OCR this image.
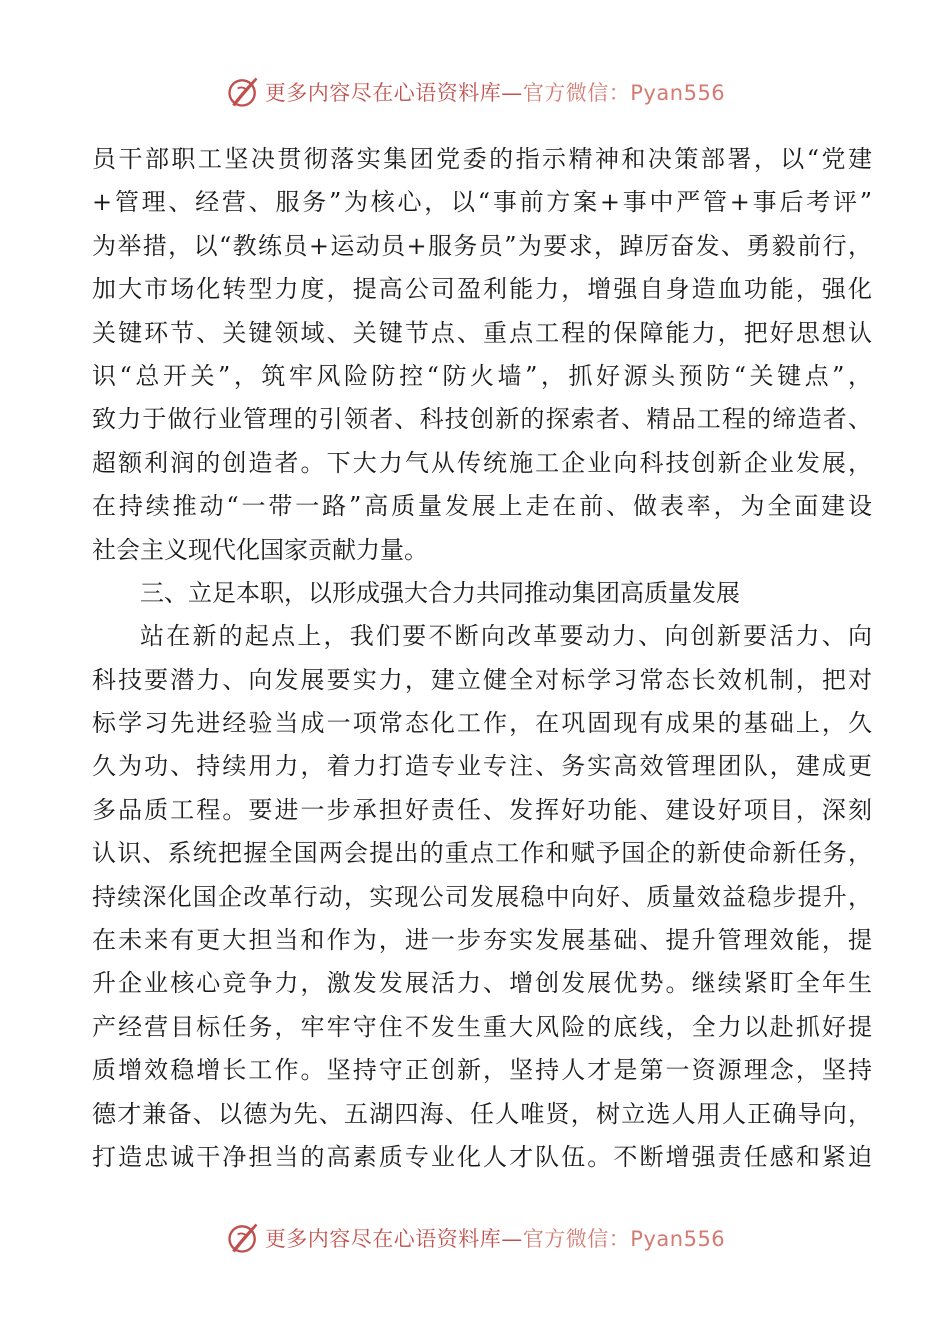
更多内容尽在心语资料库—官方微信：Pyan556
员干部职工坚决贯彻落实集团党委的指示精神和决策部署，以“党建
+管理、经营、服务”为核心，以“事前方案+事中严管+事后考评”
为举措，以“教练员+运动员+服务员”为要求，踔厉奋发、勇毅前行，
加大市场化转型力度，提高公司盈利能力，增强自身造血功能，强化
关键环节、关键领域、关键节点、重点工程的保障能力，把好思想认
识“总开关”，筑牢风险防控“防火墙”，抓好源头预防“关键点”，
致力于做行业管理的引领者、科技创新的探索者、精品工程的缔造者、
超额利润的创造者。下大力气从传统施工企业向科技创新企业发展，
在持续推动“一带一路”高质量发展上走在前、做表率，为全面建设
社会主义现代化国家贡献力量。
三、立足本职，以形成强大合力共同推动集团高质量发展
站在新的起点上，我们要不断向改革要动力、向创新要活力、向
科技要潜力、向发展要实力，建立健全对标学习常态长效机制，把对
标学习先进经验当成一项常态化工作，在巩固现有成果的基础上，久
久为功、持续用力，着力打造专业专注、务实高效管理团队，建成更
多品质工程。要进一步承担好责任、发挥好功能、建设好项目，深刻
认识、系统把握全国两会提出的重点工作和赋予国企的新使命新任务，
持续深化国企改革行动，实现公司发展稳中向好、质量效益稳步提升，
在未来有更大担当和作为，进一步夯实发展基础、提升管理效能，提
升企业核心竞争力，激发发展活力、增创发展优势。继续紧盯全年生
产经营目标任务，牢牢守住不发生重大风险的底线，全力以赴抓好提
质增效稳增长工作。坚持守正创新，坚持人才是第一资源理念，坚持
德才兼备、以德为先、五湖四海、任人唯贤，树立选人用人正确导向，
打造忠诚干净担当的高素质专业化人才队伍。不断增强责任感和紧迫
更多内容尽在心语资料库—官方微信：Pyan556
